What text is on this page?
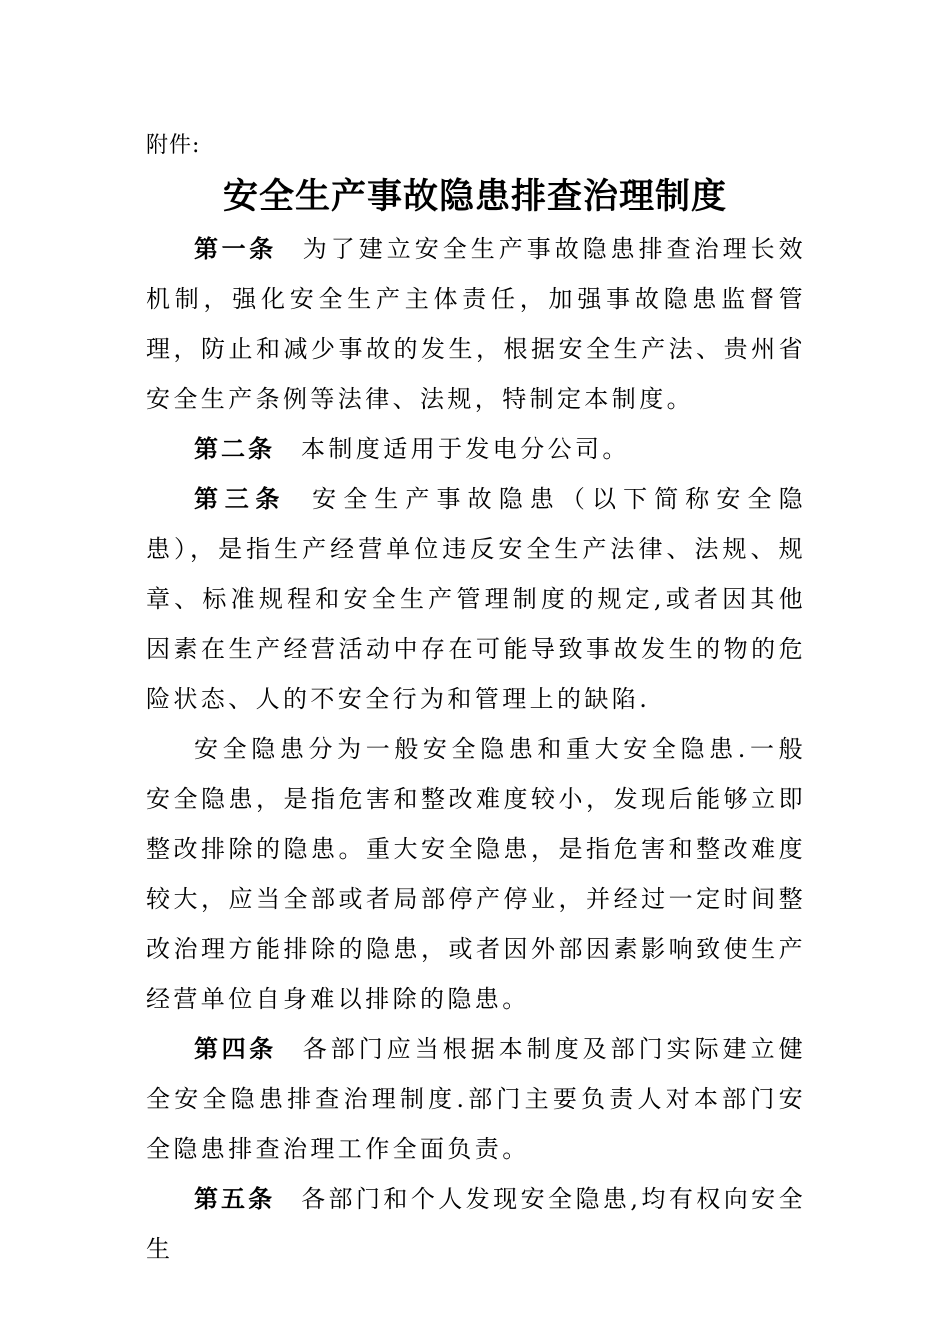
附件:
安全生产事故隐患排查治理制度

第一条 为了建立安全生产事故隐患排查治理长效机制，强化安全生产主体责任，加强事故隐患监督管理，防止和减少事故的发生，根据安全生产法、贵州省安全生产条例等法律、法规，特制定本制度。

第二条 本制度适用于发电分公司。

第三条 安全生产事故隐患（以下简称安全隐患），是指生产经营单位违反安全生产法律、法规、规章、标准规程和安全生产管理制度的规定,或者因其他因素在生产经营活动中存在可能导致事故发生的物的危险状态、人的不安全行为和管理上的缺陷.

安全隐患分为一般安全隐患和重大安全隐患.一般安全隐患，是指危害和整改难度较小，发现后能够立即整改排除的隐患。重大安全隐患，是指危害和整改难度较大，应当全部或者局部停产停业，并经过一定时间整改治理方能排除的隐患，或者因外部因素影响致使生产经营单位自身难以排除的隐患。

第四条 各部门应当根据本制度及部门实际建立健全安全隐患排查治理制度.部门主要负责人对本部门安全隐患排查治理工作全面负责。

第五条 各部门和个人发现安全隐患,均有权向安全生
